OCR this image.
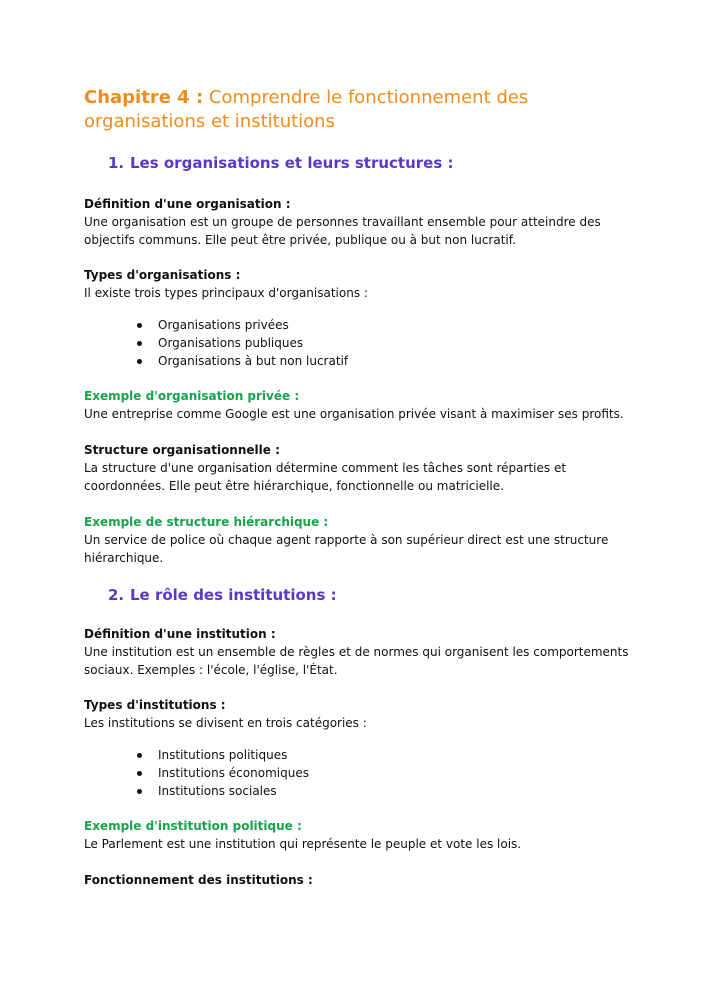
Chapitre 4 : Comprendre le fonctionnement des organisations et institutions
1. Les organisations et leurs structures :
Définition d'une organisation :
Une organisation est un groupe de personnes travaillant ensemble pour atteindre des objectifs communs. Elle peut être privée, publique ou à but non lucratif.
Types d'organisations :
Il existe trois types principaux d'organisations :
Organisations privées
Organisations publiques
Organisations à but non lucratif
Exemple d'organisation privée :
Une entreprise comme Google est une organisation privée visant à maximiser ses profits.
Structure organisationnelle :
La structure d'une organisation détermine comment les tâches sont réparties et coordonnées. Elle peut être hiérarchique, fonctionnelle ou matricielle.
Exemple de structure hiérarchique :
Un service de police où chaque agent rapporte à son supérieur direct est une structure hiérarchique.
2. Le rôle des institutions :
Définition d'une institution :
Une institution est un ensemble de règles et de normes qui organisent les comportements sociaux. Exemples : l'école, l'église, l'État.
Types d'institutions :
Les institutions se divisent en trois catégories :
Institutions politiques
Institutions économiques
Institutions sociales
Exemple d'institution politique :
Le Parlement est une institution qui représente le peuple et vote les lois.
Fonctionnement des institutions :
